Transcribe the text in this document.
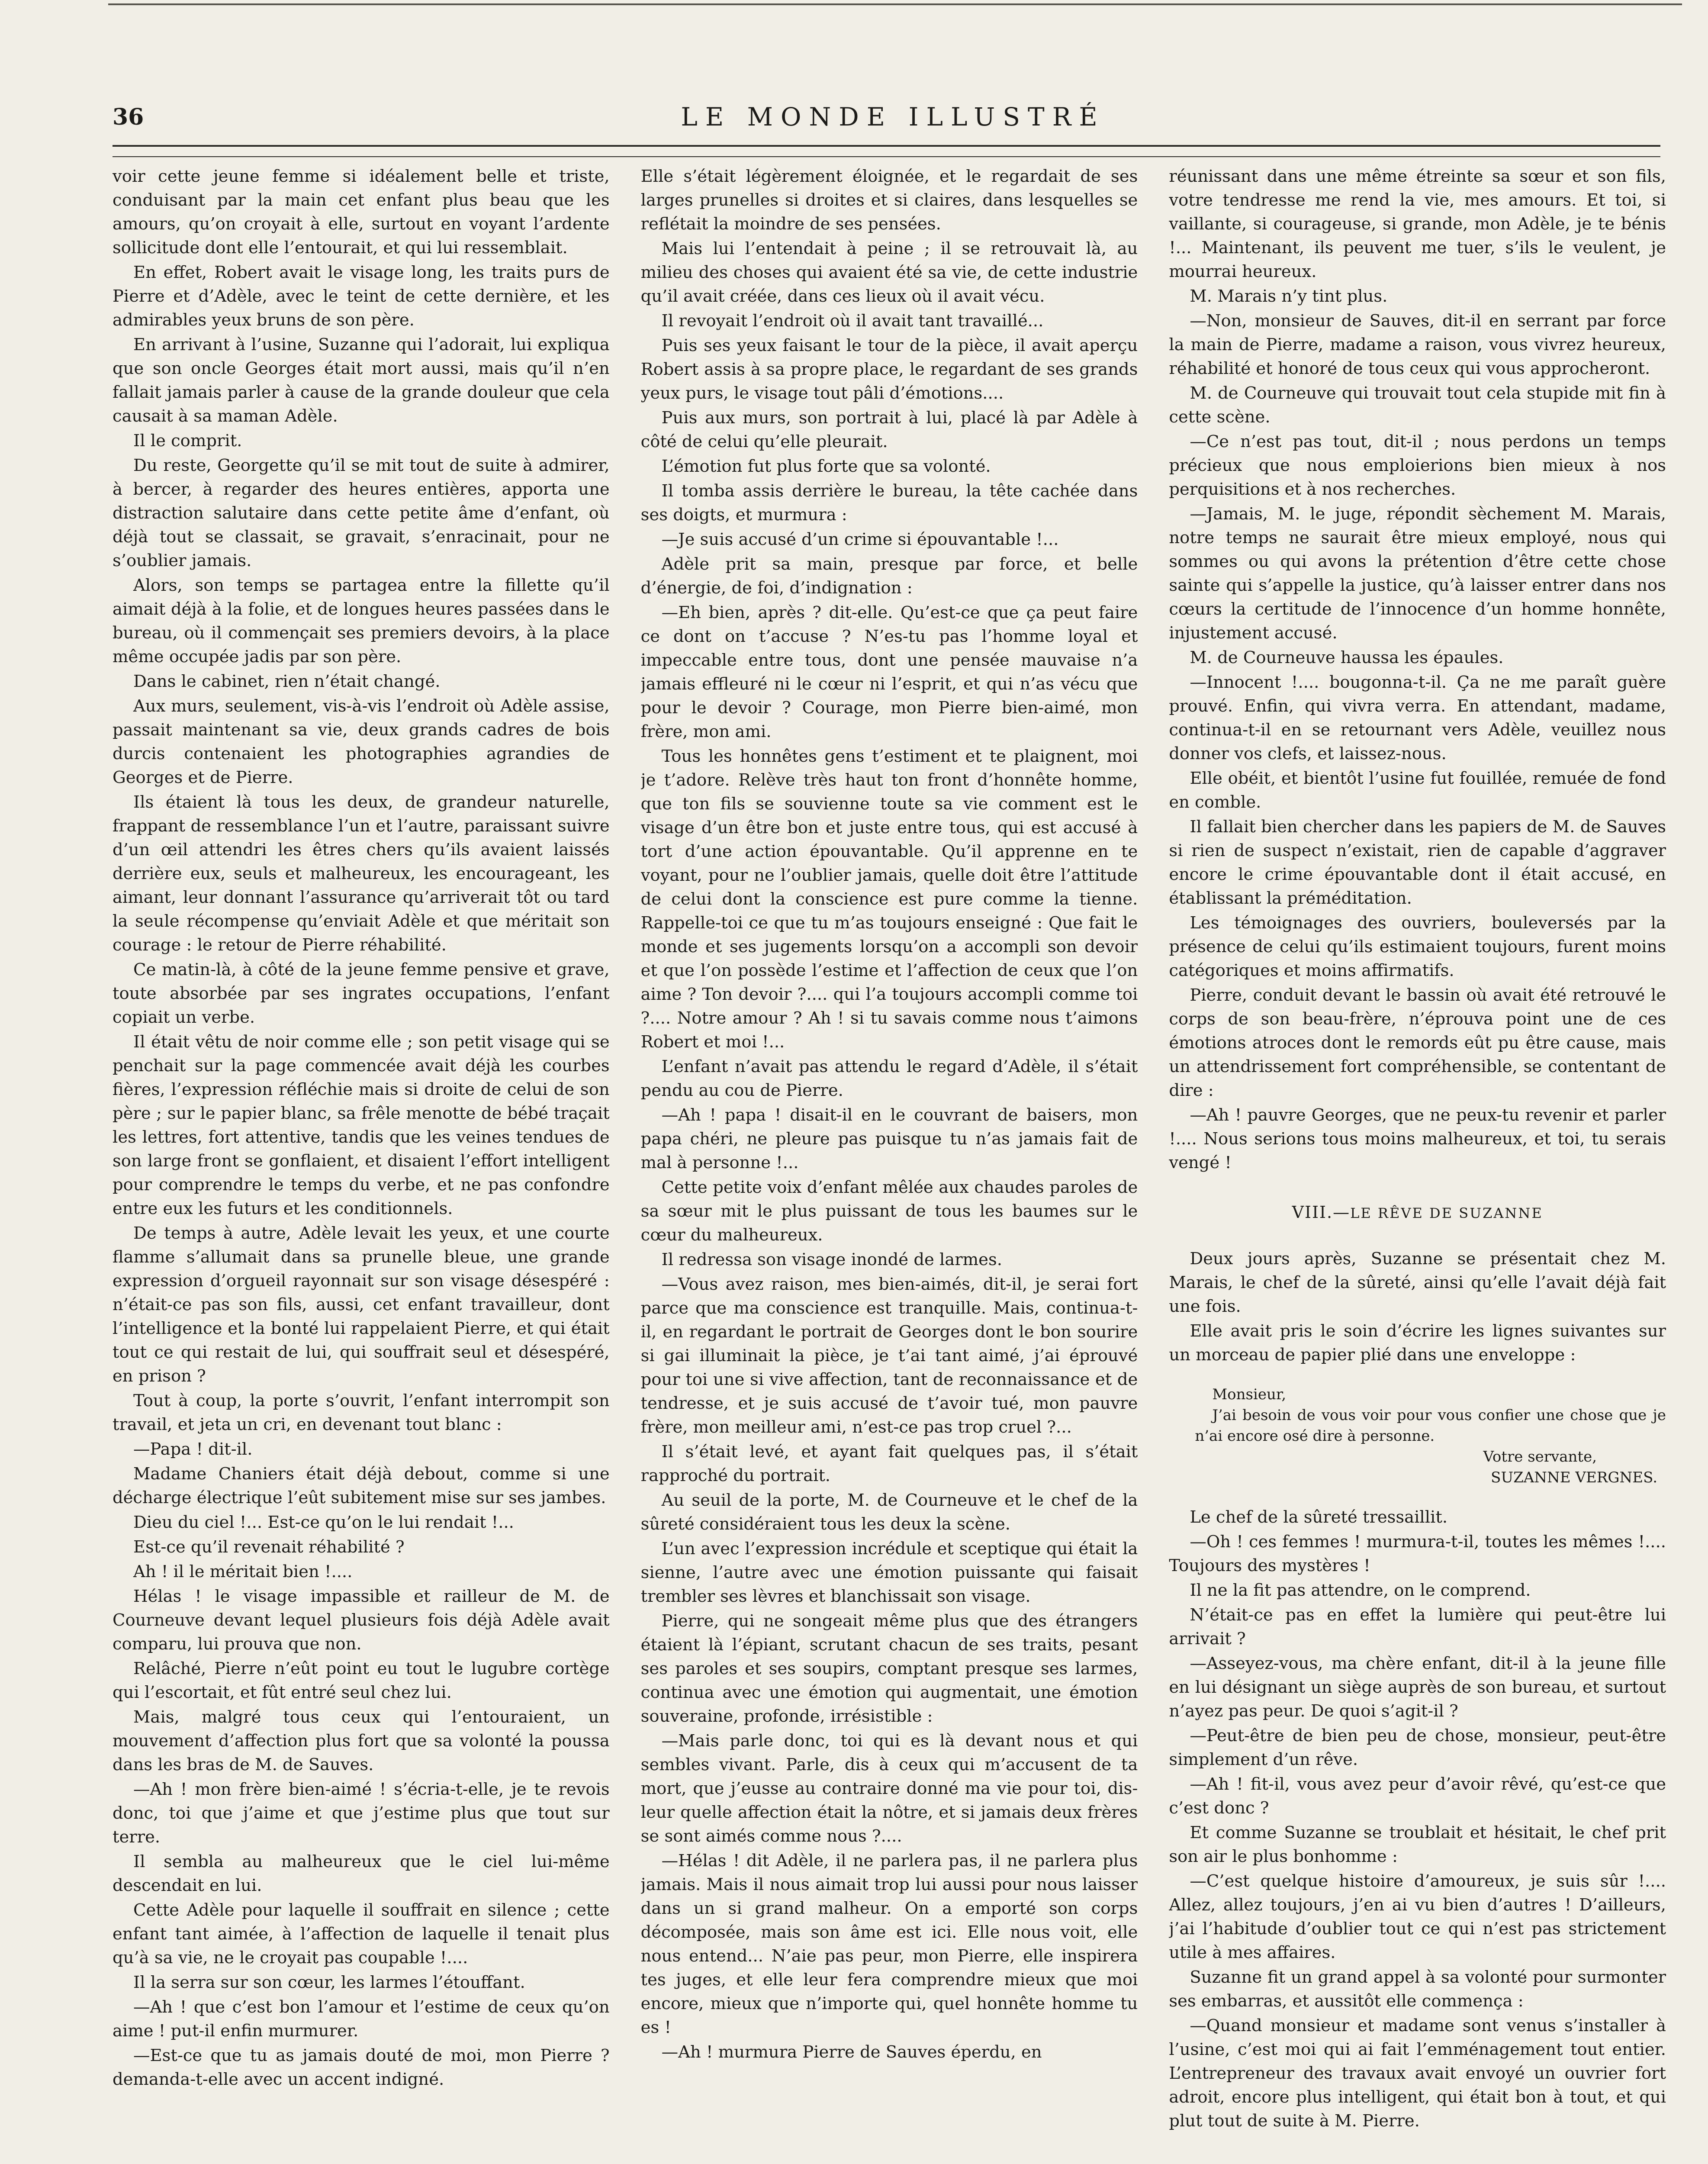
36	LE MONDE ILLUSTRÉ

voir cette jeune femme si idéalement belle et triste, conduisant par la main cet enfant plus beau que les amours, qu’on croyait à elle, surtout en voyant l’ardente sollicitude dont elle l’entourait, et qui lui ressemblait.

En effet, Robert avait le visage long, les traits purs de Pierre et d’Adèle, avec le teint de cette dernière, et les admirables yeux bruns de son père.

En arrivant à l’usine, Suzanne qui l’adorait, lui expliqua que son oncle Georges était mort aussi, mais qu’il n’en fallait jamais parler à cause de la grande douleur que cela causait à sa maman Adèle.

Il le comprit.

Du reste, Georgette qu’il se mit tout de suite à admirer, à bercer, à regarder des heures entières, apporta une distraction salutaire dans cette petite âme d’enfant, où déjà tout se classait, se gravait, s’enracinait, pour ne s’oublier jamais.

Alors, son temps se partagea entre la fillette qu’il aimait déjà à la folie, et de longues heures passées dans le bureau, où il commençait ses premiers devoirs, à la place même occupée jadis par son père.

Dans le cabinet, rien n’était changé.

Aux murs, seulement, vis-à-vis l’endroit où Adèle assise, passait maintenant sa vie, deux grands cadres de bois durcis contenaient les photographies agrandies de Georges et de Pierre.

Ils étaient là tous les deux, de grandeur naturelle, frappant de ressemblance l’un et l’autre, paraissant suivre d’un œil attendri les êtres chers qu’ils avaient laissés derrière eux, seuls et malheureux, les encourageant, les aimant, leur donnant l’assurance qu’arriverait tôt ou tard la seule récompense qu’enviait Adèle et que méritait son courage : le retour de Pierre réhabilité.

Ce matin-là, à côté de la jeune femme pensive et grave, toute absorbée par ses ingrates occupations, l’enfant copiait un verbe.

Il était vêtu de noir comme elle ; son petit visage qui se penchait sur la page commencée avait déjà les courbes fières, l’expression réfléchie mais si droite de celui de son père ; sur le papier blanc, sa frêle menotte de bébé traçait les lettres, fort attentive, tandis que les veines tendues de son large front se gonflaient, et disaient l’effort intelligent pour comprendre le temps du verbe, et ne pas confondre entre eux les futurs et les conditionnels.

De temps à autre, Adèle levait les yeux, et une courte flamme s’allumait dans sa prunelle bleue, une grande expression d’orgueil rayonnait sur son visage désespéré : n’était-ce pas son fils, aussi, cet enfant travailleur, dont l’intelligence et la bonté lui rappelaient Pierre, et qui était tout ce qui restait de lui, qui souffrait seul et désespéré, en prison ?

Tout à coup, la porte s’ouvrit, l’enfant interrompit son travail, et jeta un cri, en devenant tout blanc :

—Papa ! dit-il.

Madame Chaniers était déjà debout, comme si une décharge électrique l’eût subitement mise sur ses jambes.

Dieu du ciel !... Est-ce qu’on le lui rendait !...

Est-ce qu’il revenait réhabilité ?

Ah ! il le méritait bien !....

Hélas ! le visage impassible et railleur de M. de Courneuve devant lequel plusieurs fois déjà Adèle avait comparu, lui prouva que non.

Relâché, Pierre n’eût point eu tout le lugubre cortège qui l’escortait, et fût entré seul chez lui.

Mais, malgré tous ceux qui l’entouraient, un mouvement d’affection plus fort que sa volonté la poussa dans les bras de M. de Sauves.

—Ah ! mon frère bien-aimé ! s’écria-t-elle, je te revois donc, toi que j’aime et que j’estime plus que tout sur terre.

Il sembla au malheureux que le ciel lui-même descendait en lui.

Cette Adèle pour laquelle il souffrait en silence ; cette enfant tant aimée, à l’affection de laquelle il tenait plus qu’à sa vie, ne le croyait pas coupable !....

Il la serra sur son cœur, les larmes l’étouffant.

—Ah ! que c’est bon l’amour et l’estime de ceux qu’on aime ! put-il enfin murmurer.

—Est-ce que tu as jamais douté de moi, mon Pierre ? demanda-t-elle avec un accent indigné.

Elle s’était légèrement éloignée, et le regardait de ses larges prunelles si droites et si claires, dans lesquelles se reflétait la moindre de ses pensées.

Mais lui l’entendait à peine ; il se retrouvait là, au milieu des choses qui avaient été sa vie, de cette industrie qu’il avait créée, dans ces lieux où il avait vécu.

Il revoyait l’endroit où il avait tant travaillé...

Puis ses yeux faisant le tour de la pièce, il avait aperçu Robert assis à sa propre place, le regardant de ses grands yeux purs, le visage tout pâli d’émotions....

Puis aux murs, son portrait à lui, placé là par Adèle à côté de celui qu’elle pleurait.

L’émotion fut plus forte que sa volonté.

Il tomba assis derrière le bureau, la tête cachée dans ses doigts, et murmura :

—Je suis accusé d’un crime si épouvantable !...

Adèle prit sa main, presque par force, et belle d’énergie, de foi, d’indignation :

—Eh bien, après ? dit-elle. Qu’est-ce que ça peut faire ce dont on t’accuse ? N’es-tu pas l’homme loyal et impeccable entre tous, dont une pensée mauvaise n’a jamais effleuré ni le cœur ni l’esprit, et qui n’as vécu que pour le devoir ? Courage, mon Pierre bien-aimé, mon frère, mon ami.

Tous les honnêtes gens t’estiment et te plaignent, moi je t’adore. Relève très haut ton front d’honnête homme, que ton fils se souvienne toute sa vie comment est le visage d’un être bon et juste entre tous, qui est accusé à tort d’une action épouvantable. Qu’il apprenne en te voyant, pour ne l’oublier jamais, quelle doit être l’attitude de celui dont la conscience est pure comme la tienne. Rappelle-toi ce que tu m’as toujours enseigné : Que fait le monde et ses jugements lorsqu’on a accompli son devoir et que l’on possède l’estime et l’affection de ceux que l’on aime ? Ton devoir ?.... qui l’a toujours accompli comme toi ?.... Notre amour ? Ah ! si tu savais comme nous t’aimons Robert et moi !...

L’enfant n’avait pas attendu le regard d’Adèle, il s’était pendu au cou de Pierre.

—Ah ! papa ! disait-il en le couvrant de baisers, mon papa chéri, ne pleure pas puisque tu n’as jamais fait de mal à personne !...

Cette petite voix d’enfant mêlée aux chaudes paroles de sa sœur mit le plus puissant de tous les baumes sur le cœur du malheureux.

Il redressa son visage inondé de larmes.

—Vous avez raison, mes bien-aimés, dit-il, je serai fort parce que ma conscience est tranquille. Mais, continua-t-il, en regardant le portrait de Georges dont le bon sourire si gai illuminait la pièce, je t’ai tant aimé, j’ai éprouvé pour toi une si vive affection, tant de reconnaissance et de tendresse, et je suis accusé de t’avoir tué, mon pauvre frère, mon meilleur ami, n’est-ce pas trop cruel ?...

Il s’était levé, et ayant fait quelques pas, il s’était rapproché du portrait.

Au seuil de la porte, M. de Courneuve et le chef de la sûreté considéraient tous les deux la scène.

L’un avec l’expression incrédule et sceptique qui était la sienne, l’autre avec une émotion puissante qui faisait trembler ses lèvres et blanchissait son visage.

Pierre, qui ne songeait même plus que des étrangers étaient là l’épiant, scrutant chacun de ses traits, pesant ses paroles et ses soupirs, comptant presque ses larmes, continua avec une émotion qui augmentait, une émotion souveraine, profonde, irrésistible :

—Mais parle donc, toi qui es là devant nous et qui sembles vivant. Parle, dis à ceux qui m’accusent de ta mort, que j’eusse au contraire donné ma vie pour toi, dis-leur quelle affection était la nôtre, et si jamais deux frères se sont aimés comme nous ?....

—Hélas ! dit Adèle, il ne parlera pas, il ne parlera plus jamais. Mais il nous aimait trop lui aussi pour nous laisser dans un si grand malheur. On a emporté son corps décomposée, mais son âme est ici. Elle nous voit, elle nous entend... N’aie pas peur, mon Pierre, elle inspirera tes juges, et elle leur fera comprendre mieux que moi encore, mieux que n’importe qui, quel honnête homme tu es !

—Ah ! murmura Pierre de Sauves éperdu, en

réunissant dans une même étreinte sa sœur et son fils, votre tendresse me rend la vie, mes amours. Et toi, si vaillante, si courageuse, si grande, mon Adèle, je te bénis !... Maintenant, ils peuvent me tuer, s’ils le veulent, je mourrai heureux.

M. Marais n’y tint plus.

—Non, monsieur de Sauves, dit-il en serrant par force la main de Pierre, madame a raison, vous vivrez heureux, réhabilité et honoré de tous ceux qui vous approcheront.

M. de Courneuve qui trouvait tout cela stupide mit fin à cette scène.

—Ce n’est pas tout, dit-il ; nous perdons un temps précieux que nous emploierions bien mieux à nos perquisitions et à nos recherches.

—Jamais, M. le juge, répondit sèchement M. Marais, notre temps ne saurait être mieux employé, nous qui sommes ou qui avons la prétention d’être cette chose sainte qui s’appelle la justice, qu’à laisser entrer dans nos cœurs la certitude de l’innocence d’un homme honnête, injustement accusé.

M. de Courneuve haussa les épaules.

—Innocent !.... bougonna-t-il. Ça ne me paraît guère prouvé. Enfin, qui vivra verra. En attendant, madame, continua-t-il en se retournant vers Adèle, veuillez nous donner vos clefs, et laissez-nous.

Elle obéit, et bientôt l’usine fut fouillée, remuée de fond en comble.

Il fallait bien chercher dans les papiers de M. de Sauves si rien de suspect n’existait, rien de capable d’aggraver encore le crime épouvantable dont il était accusé, en établissant la préméditation.

Les témoignages des ouvriers, bouleversés par la présence de celui qu’ils estimaient toujours, furent moins catégoriques et moins affirmatifs.

Pierre, conduit devant le bassin où avait été retrouvé le corps de son beau-frère, n’éprouva point une de ces émotions atroces dont le remords eût pu être cause, mais un attendrissement fort compréhensible, se contentant de dire :

—Ah ! pauvre Georges, que ne peux-tu revenir et parler !.... Nous serions tous moins malheureux, et toi, tu serais vengé !

VIII.—LE RÊVE DE SUZANNE

Deux jours après, Suzanne se présentait chez M. Marais, le chef de la sûreté, ainsi qu’elle l’avait déjà fait une fois.

Elle avait pris le soin d’écrire les lignes suivantes sur un morceau de papier plié dans une enveloppe :

Monsieur,
J’ai besoin de vous voir pour vous confier une chose que je n’ai encore osé dire à personne.
Votre servante,
SUZANNE VERGNES.

Le chef de la sûreté tressaillit.

—Oh ! ces femmes ! murmura-t-il, toutes les mêmes !.... Toujours des mystères !

Il ne la fit pas attendre, on le comprend.

N’était-ce pas en effet la lumière qui peut-être lui arrivait ?

—Asseyez-vous, ma chère enfant, dit-il à la jeune fille en lui désignant un siège auprès de son bureau, et surtout n’ayez pas peur. De quoi s’agit-il ?

—Peut-être de bien peu de chose, monsieur, peut-être simplement d’un rêve.

—Ah ! fit-il, vous avez peur d’avoir rêvé, qu’est-ce que c’est donc ?

Et comme Suzanne se troublait et hésitait, le chef prit son air le plus bonhomme :

—C’est quelque histoire d’amoureux, je suis sûr !.... Allez, allez toujours, j’en ai vu bien d’autres ! D’ailleurs, j’ai l’habitude d’oublier tout ce qui n’est pas strictement utile à mes affaires.

Suzanne fit un grand appel à sa volonté pour surmonter ses embarras, et aussitôt elle commença :

—Quand monsieur et madame sont venus s’installer à l’usine, c’est moi qui ai fait l’emménagement tout entier. L’entrepreneur des travaux avait envoyé un ouvrier fort adroit, encore plus intelligent, qui était bon à tout, et qui plut tout de suite à M. Pierre.
